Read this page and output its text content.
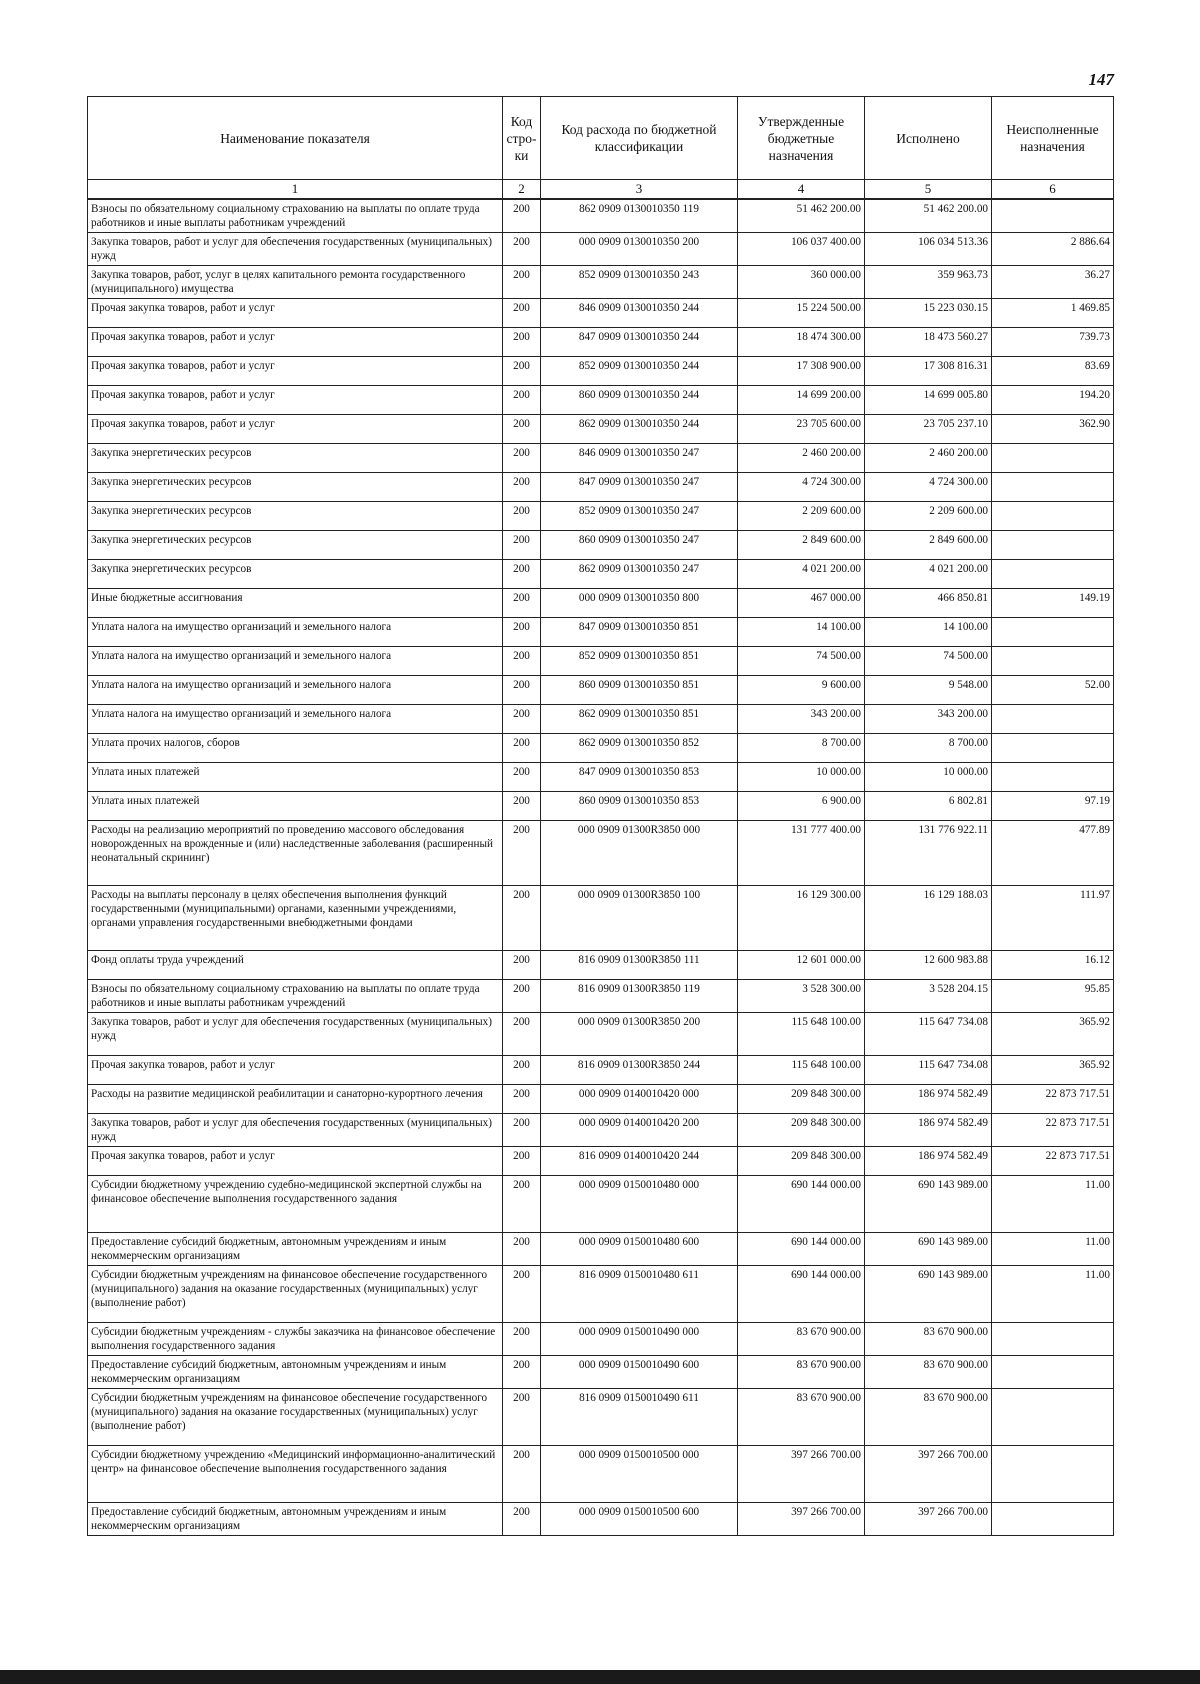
147
Наименование показателя	Код стро-ки	Код расхода по бюджетной классификации	Утвержденные бюджетные назначения	Исполнено	Неисполненные назначения
1	2	3	4	5	6
Взносы по обязательному социальному страхованию на выплаты по оплате труда работников и иные выплаты работникам учреждений	200	862 0909 0130010350 119	51 462 200.00	51 462 200.00	
Закупка товаров, работ и услуг для обеспечения государственных (муниципальных) нужд	200	000 0909 0130010350 200	106 037 400.00	106 034 513.36	2 886.64
Закупка товаров, работ, услуг в целях капитального ремонта государственного (муниципального) имущества	200	852 0909 0130010350 243	360 000.00	359 963.73	36.27
Прочая закупка товаров, работ и услуг	200	846 0909 0130010350 244	15 224 500.00	15 223 030.15	1 469.85
Прочая закупка товаров, работ и услуг	200	847 0909 0130010350 244	18 474 300.00	18 473 560.27	739.73
Прочая закупка товаров, работ и услуг	200	852 0909 0130010350 244	17 308 900.00	17 308 816.31	83.69
Прочая закупка товаров, работ и услуг	200	860 0909 0130010350 244	14 699 200.00	14 699 005.80	194.20
Прочая закупка товаров, работ и услуг	200	862 0909 0130010350 244	23 705 600.00	23 705 237.10	362.90
Закупка энергетических ресурсов	200	846 0909 0130010350 247	2 460 200.00	2 460 200.00	
Закупка энергетических ресурсов	200	847 0909 0130010350 247	4 724 300.00	4 724 300.00	
Закупка энергетических ресурсов	200	852 0909 0130010350 247	2 209 600.00	2 209 600.00	
Закупка энергетических ресурсов	200	860 0909 0130010350 247	2 849 600.00	2 849 600.00	
Закупка энергетических ресурсов	200	862 0909 0130010350 247	4 021 200.00	4 021 200.00	
Иные бюджетные ассигнования	200	000 0909 0130010350 800	467 000.00	466 850.81	149.19
Уплата налога на имущество организаций и земельного налога	200	847 0909 0130010350 851	14 100.00	14 100.00	
Уплата налога на имущество организаций и земельного налога	200	852 0909 0130010350 851	74 500.00	74 500.00	
Уплата налога на имущество организаций и земельного налога	200	860 0909 0130010350 851	9 600.00	9 548.00	52.00
Уплата налога на имущество организаций и земельного налога	200	862 0909 0130010350 851	343 200.00	343 200.00	
Уплата прочих налогов, сборов	200	862 0909 0130010350 852	8 700.00	8 700.00	
Уплата иных платежей	200	847 0909 0130010350 853	10 000.00	10 000.00	
Уплата иных платежей	200	860 0909 0130010350 853	6 900.00	6 802.81	97.19
Расходы на реализацию мероприятий по проведению массового обследования новорожденных на врожденные и (или) наследственные заболевания (расширенный неонатальный скрининг)	200	000 0909 01300R3850 000	131 777 400.00	131 776 922.11	477.89
Расходы на выплаты персоналу в целях обеспечения выполнения функций государственными (муниципальными) органами, казенными учреждениями, органами управления государственными внебюджетными фондами	200	000 0909 01300R3850 100	16 129 300.00	16 129 188.03	111.97
Фонд оплаты труда учреждений	200	816 0909 01300R3850 111	12 601 000.00	12 600 983.88	16.12
Взносы по обязательному социальному страхованию на выплаты по оплате труда работников и иные выплаты работникам учреждений	200	816 0909 01300R3850 119	3 528 300.00	3 528 204.15	95.85
Закупка товаров, работ и услуг для обеспечения государственных (муниципальных) нужд	200	000 0909 01300R3850 200	115 648 100.00	115 647 734.08	365.92
Прочая закупка товаров, работ и услуг	200	816 0909 01300R3850 244	115 648 100.00	115 647 734.08	365.92
Расходы на развитие медицинской реабилитации и санаторно-курортного лечения	200	000 0909 0140010420 000	209 848 300.00	186 974 582.49	22 873 717.51
Закупка товаров, работ и услуг для обеспечения государственных (муниципальных) нужд	200	000 0909 0140010420 200	209 848 300.00	186 974 582.49	22 873 717.51
Прочая закупка товаров, работ и услуг	200	816 0909 0140010420 244	209 848 300.00	186 974 582.49	22 873 717.51
Субсидии бюджетному учреждению судебно-медицинской экспертной службы на финансовое обеспечение выполнения государственного задания	200	000 0909 0150010480 000	690 144 000.00	690 143 989.00	11.00
Предоставление субсидий бюджетным, автономным учреждениям и иным некоммерческим организациям	200	000 0909 0150010480 600	690 144 000.00	690 143 989.00	11.00
Субсидии бюджетным учреждениям на финансовое обеспечение государственного (муниципального) задания на оказание государственных (муниципальных) услуг (выполнение работ)	200	816 0909 0150010480 611	690 144 000.00	690 143 989.00	11.00
Субсидии бюджетным учреждениям - службы заказчика на финансовое обеспечение выполнения государственного задания	200	000 0909 0150010490 000	83 670 900.00	83 670 900.00	
Предоставление субсидий бюджетным, автономным учреждениям и иным некоммерческим организациям	200	000 0909 0150010490 600	83 670 900.00	83 670 900.00	
Субсидии бюджетным учреждениям на финансовое обеспечение государственного (муниципального) задания на оказание государственных (муниципальных) услуг (выполнение работ)	200	816 0909 0150010490 611	83 670 900.00	83 670 900.00	
Субсидии бюджетному учреждению «Медицинский информационно-аналитический центр» на финансовое обеспечение выполнения государственного задания	200	000 0909 0150010500 000	397 266 700.00	397 266 700.00	
Предоставление субсидий бюджетным, автономным учреждениям и иным некоммерческим организациям	200	000 0909 0150010500 600	397 266 700.00	397 266 700.00	
